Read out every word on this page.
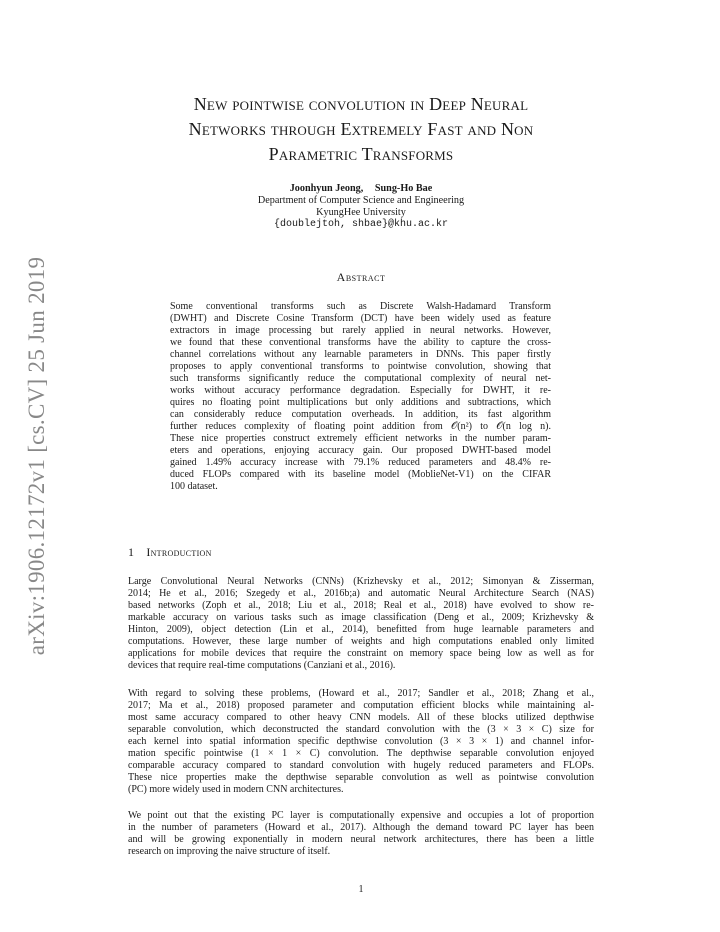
arXiv:1906.12172v1 [cs.CV] 25 Jun 2019
New pointwise convolution in Deep Neural
Networks through Extremely Fast and Non
Parametric Transforms
Joonhyun Jeong, Sung-Ho Bae
Department of Computer Science and Engineering
KyungHee University
{doublejtoh, shbae}@khu.ac.kr
Abstract
Some conventional transforms such as Discrete Walsh-Hadamard Transform
(DWHT) and Discrete Cosine Transform (DCT) have been widely used as feature
extractors in image processing but rarely applied in neural networks. However,
we found that these conventional transforms have the ability to capture the cross-
channel correlations without any learnable parameters in DNNs. This paper firstly
proposes to apply conventional transforms to pointwise convolution, showing that
such transforms significantly reduce the computational complexity of neural net-
works without accuracy performance degradation. Especially for DWHT, it re-
quires no floating point multiplications but only additions and subtractions, which
can considerably reduce computation overheads. In addition, its fast algorithm
further reduces complexity of floating point addition from 𝒪(n²) to 𝒪(n log n).
These nice properties construct extremely efficient networks in the number param-
eters and operations, enjoying accuracy gain. Our proposed DWHT-based model
gained 1.49% accuracy increase with 79.1% reduced parameters and 48.4% re-
duced FLOPs compared with its baseline model (MoblieNet-V1) on the CIFAR
100 dataset.
1 Introduction
Large Convolutional Neural Networks (CNNs) (Krizhevsky et al., 2012; Simonyan & Zisserman,
2014; He et al., 2016; Szegedy et al., 2016b;a) and automatic Neural Architecture Search (NAS)
based networks (Zoph et al., 2018; Liu et al., 2018; Real et al., 2018) have evolved to show re-
markable accuracy on various tasks such as image classification (Deng et al., 2009; Krizhevsky &
Hinton, 2009), object detection (Lin et al., 2014), benefitted from huge learnable parameters and
computations. However, these large number of weights and high computations enabled only limited
applications for mobile devices that require the constraint on memory space being low as well as for
devices that require real-time computations (Canziani et al., 2016).
With regard to solving these problems, (Howard et al., 2017; Sandler et al., 2018; Zhang et al.,
2017; Ma et al., 2018) proposed parameter and computation efficient blocks while maintaining al-
most same accuracy compared to other heavy CNN models. All of these blocks utilized depthwise
separable convolution, which deconstructed the standard convolution with the (3 × 3 × C) size for
each kernel into spatial information specific depthwise convolution (3 × 3 × 1) and channel infor-
mation specific pointwise (1 × 1 × C) convolution. The depthwise separable convolution enjoyed
comparable accuracy compared to standard convolution with hugely reduced parameters and FLOPs.
These nice properties make the depthwise separable convolution as well as pointwise convolution
(PC) more widely used in modern CNN architectures.
We point out that the existing PC layer is computationally expensive and occupies a lot of proportion
in the number of parameters (Howard et al., 2017). Although the demand toward PC layer has been
and will be growing exponentially in modern neural network architectures, there has been a little
research on improving the naive structure of itself.
1
